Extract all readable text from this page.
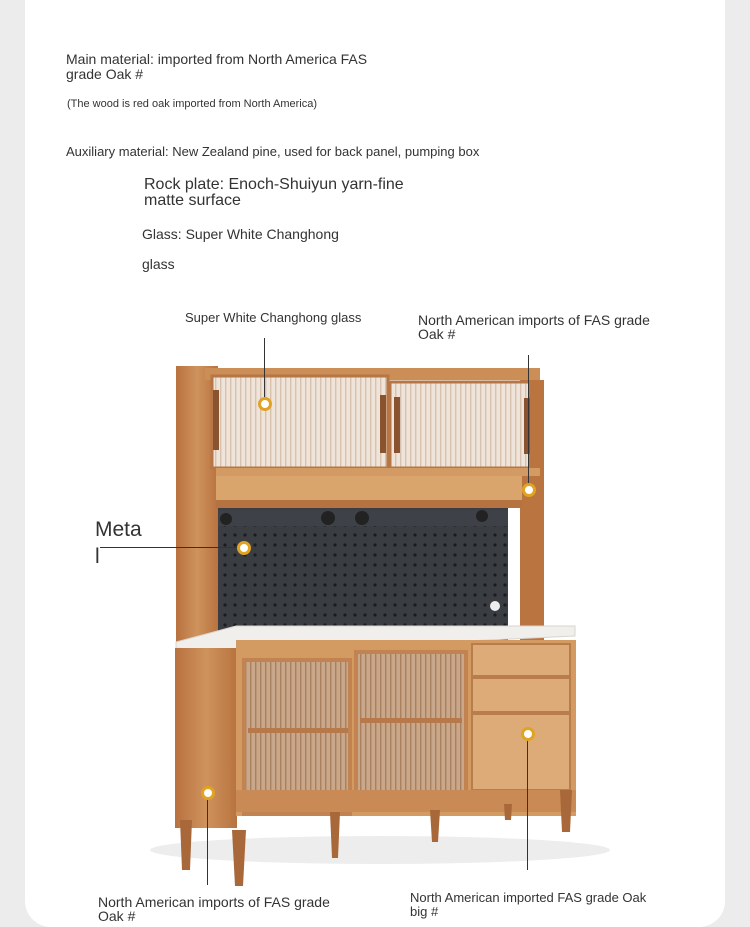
Main material: imported from North America FAS grade Oak #

(The wood is red oak imported from North America)

Auxiliary material: New Zealand pine, used for back panel, pumping box

Rock plate: Enoch-Shuiyun yarn-fine matte surface

Glass: Super White Changhong

glass

Super White Changhong glass	North American imports of FAS grade Oak #
Meta l
North American imports of FAS grade Oak #
North American imported FAS grade Oak big #
